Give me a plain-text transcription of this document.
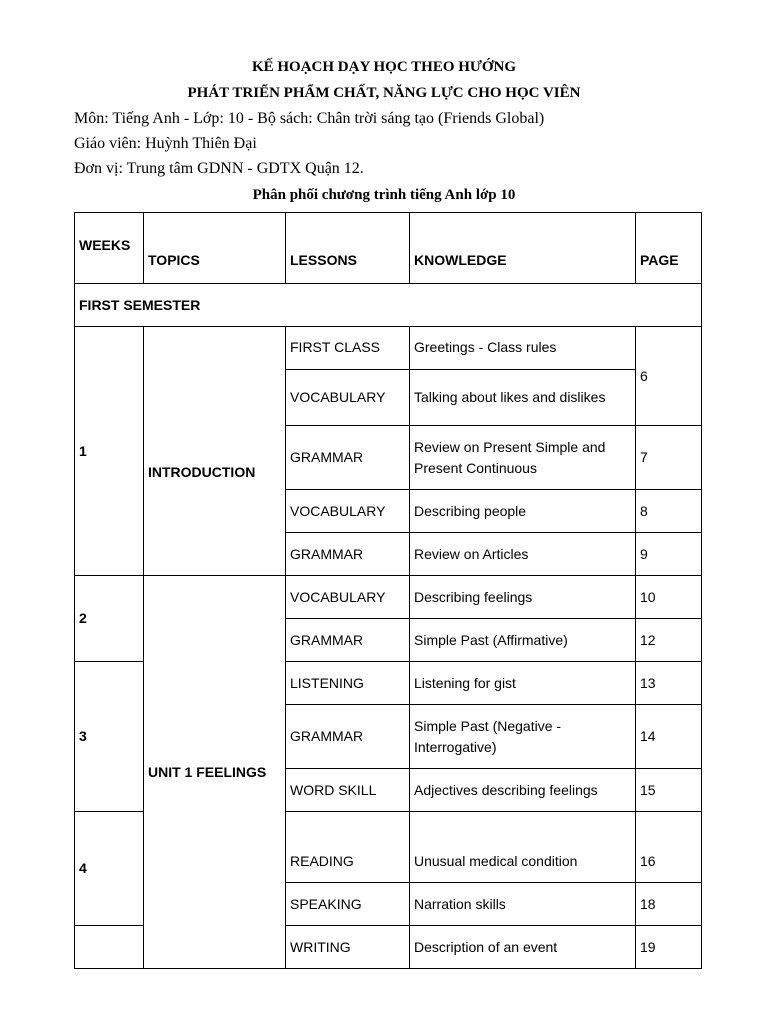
KẾ HOẠCH DẠY HỌC THEO HƯỚNG
PHÁT TRIỂN PHẨM CHẤT, NĂNG LỰC CHO HỌC VIÊN
Môn: Tiếng Anh - Lớp: 10 - Bộ sách: Chân trời sáng tạo (Friends Global)
Giáo viên: Huỳnh Thiên Đại
Đơn vị: Trung tâm GDNN - GDTX Quận 12.
Phân phối chương trình tiếng Anh lớp 10
WEEKS	TOPICS	LESSONS	KNOWLEDGE	PAGE
FIRST SEMESTER				
1	INTRODUCTION	FIRST CLASS	Greetings - Class rules	6
		VOCABULARY	Talking about likes and dislikes	
		GRAMMAR	Review on Present Simple and Present Continuous	7
		VOCABULARY	Describing people	8
		GRAMMAR	Review on Articles	9
2	UNIT 1 FEELINGS	VOCABULARY	Describing feelings	10
		GRAMMAR	Simple Past (Affirmative)	12
3		LISTENING	Listening for gist	13
		GRAMMAR	Simple Past (Negative - Interrogative)	14
		WORD SKILL	Adjectives describing feelings	15
4		READING	Unusual medical condition	16
		SPEAKING	Narration skills	18
		WRITING	Description of an event	19
